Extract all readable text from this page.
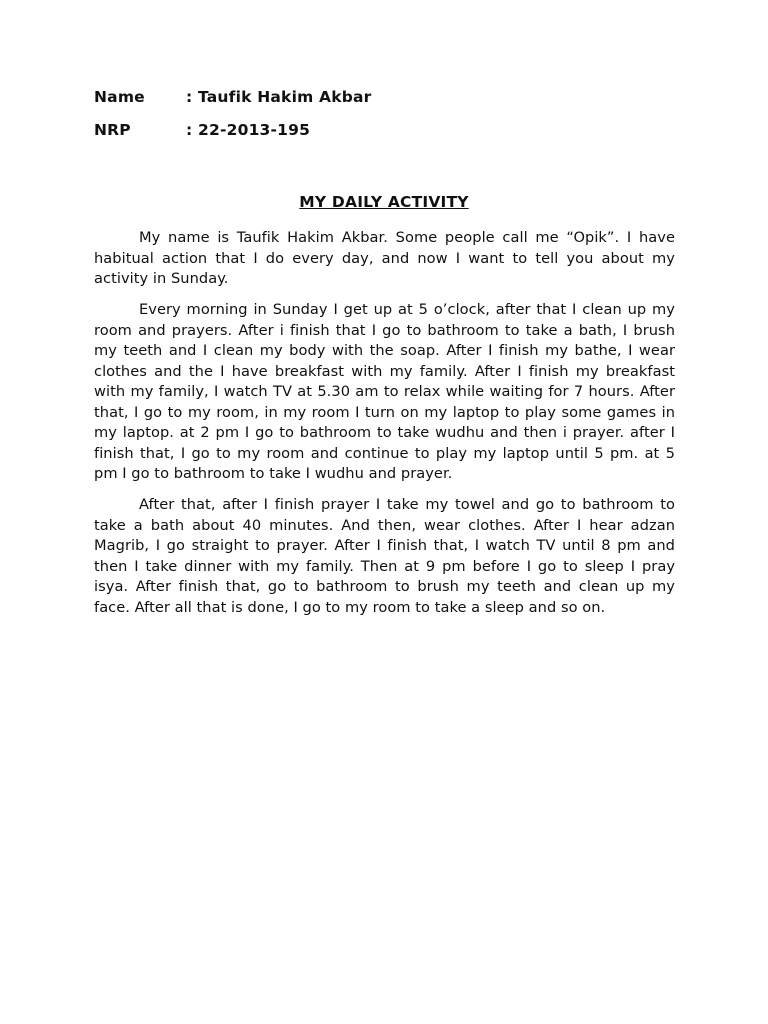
Name	: Taufik Hakim Akbar
NRP	: 22-2013-195
MY DAILY ACTIVITY

My name is Taufik Hakim Akbar. Some people call me “Opik”. I have habitual action that I do every day, and now I want to tell you about my activity in Sunday.

Every morning in Sunday I get up at 5 o’clock, after that I clean up my room and prayers. After i finish that I go to bathroom to take a bath, I brush my teeth and I clean my body with the soap. After I finish my bathe, I wear clothes and the I have breakfast with my family. After I finish my breakfast with my family, I watch TV at 5.30 am to relax while waiting for 7 hours. After that, I go to my room, in my room I turn on my laptop to play some games in my laptop. at 2 pm I go to bathroom to take wudhu and then i prayer. after I finish that, I go to my room and continue to play my laptop until 5 pm. at 5 pm I go to bathroom to take I wudhu and prayer.

After that, after I finish prayer I take my towel and go to bathroom to take a bath about 40 minutes. And then, wear clothes. After I hear adzan Magrib, I go straight to prayer. After I finish that, I watch TV until 8 pm and then I take dinner with my family. Then at 9 pm before I go to sleep I pray isya. After finish that, go to bathroom to brush my teeth and clean up my face. After all that is done, I go to my room to take a sleep and so on.
